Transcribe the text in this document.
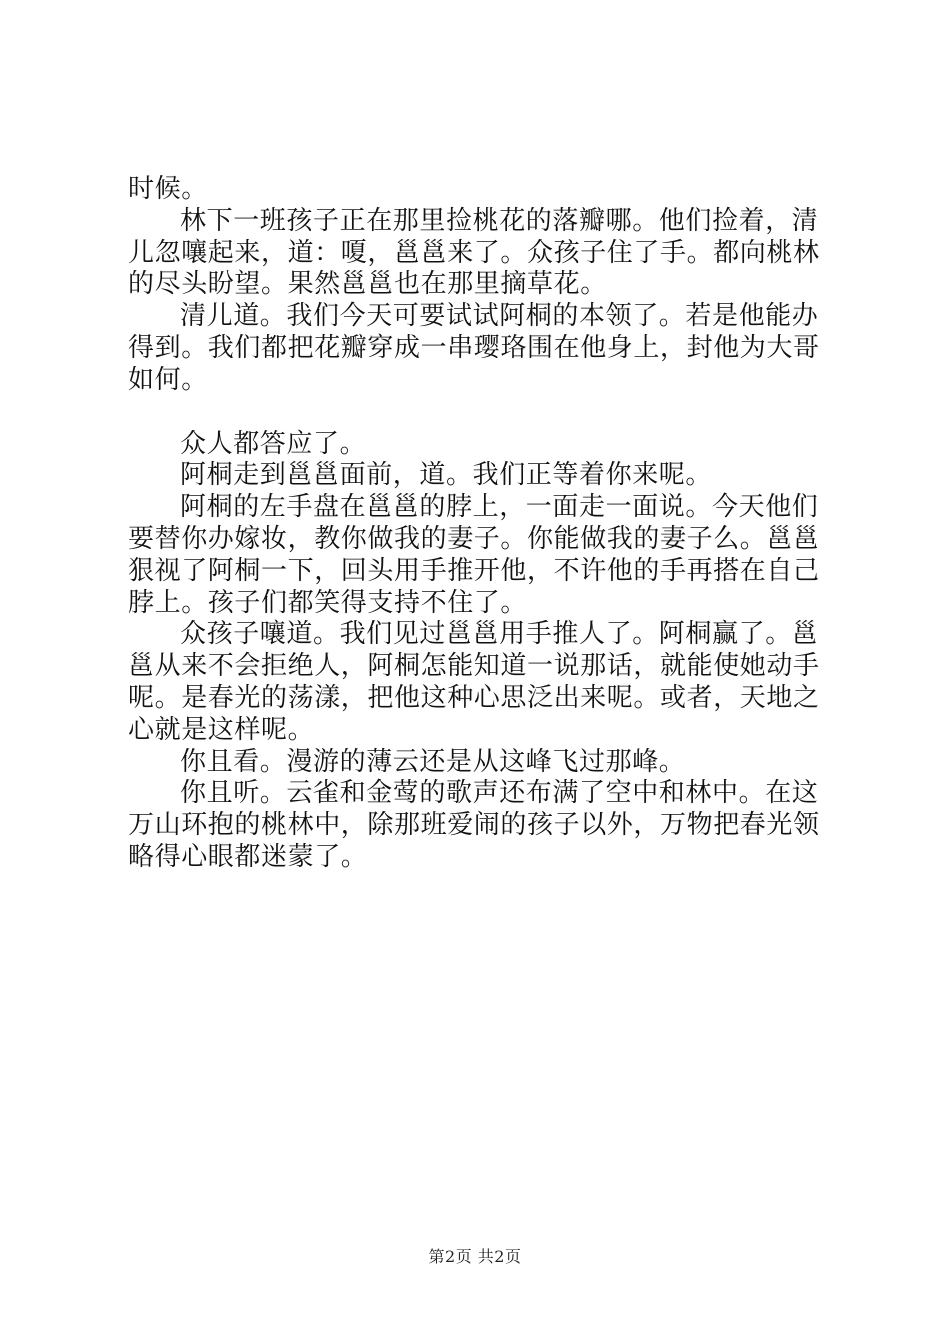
时候。

林下一班孩子正在那里捡桃花的落瓣哪。他们捡着，清儿忽嚷起来，道：嗄，邕邕来了。众孩子住了手。都向桃林的尽头盼望。果然邕邕也在那里摘草花。

清儿道。我们今天可要试试阿桐的本领了。若是他能办得到。我们都把花瓣穿成一串璎珞围在他身上，封他为大哥如何。

众人都答应了。

阿桐走到邕邕面前，道。我们正等着你来呢。

阿桐的左手盘在邕邕的脖上，一面走一面说。今天他们要替你办嫁妆，教你做我的妻子。你能做我的妻子么。邕邕狠视了阿桐一下，回头用手推开他，不许他的手再搭在自己脖上。孩子们都笑得支持不住了。

众孩子嚷道。我们见过邕邕用手推人了。阿桐赢了。邕邕从来不会拒绝人，阿桐怎能知道一说那话，就能使她动手呢。是春光的荡漾，把他这种心思泛出来呢。或者，天地之心就是这样呢。

你且看。漫游的薄云还是从这峰飞过那峰。

你且听。云雀和金莺的歌声还布满了空中和林中。在这万山环抱的桃林中，除那班爱闹的孩子以外，万物把春光领略得心眼都迷蒙了。

第2页 共2页
